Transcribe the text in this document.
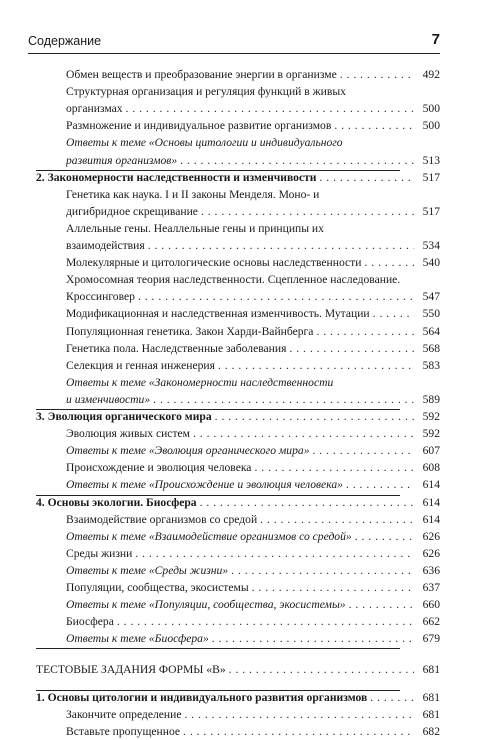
Содержание	7
Обмен веществ и преобразование энергии в организме . . .	492
Структурная организация и регуляция функций в живых
организмах . . .	500
Размножение и индивидуальное развитие организмов . . .	500
Ответы к теме «Основы цитологии и индивидуального
развития организмов» . . .	513
2. Закономерности наследственности и изменчивости . . .	517
Генетика как наука. I и II законы Менделя. Моно- и
дигибридное скрещивание . . .	517
Аллельные гены. Неаллельные гены и принципы их
взаимодействия . . .	534
Молекулярные и цитологические основы наследственности . . .	540
Хромосомная теория наследственности. Сцепленное наследование.
Кроссинговер . . .	547
Модификационная и наследственная изменчивость. Мутации . . .	550
Популяционная генетика. Закон Харди-Вайнберга . . .	564
Генетика пола. Наследственные заболевания . . .	568
Селекция и генная инженерия . . .	583
Ответы к теме «Закономерности наследственности
и изменчивости» . . .	589
3. Эволюция органического мира . . .	592
Эволюция живых систем . . .	592
Ответы к теме «Эволюция органического мира» . . .	607
Происхождение и эволюция человека . . .	608
Ответы к теме «Происхождение и эволюция человека» . . .	614
4. Основы экологии. Биосфера . . .	614
Взаимодействие организмов со средой . . .	614
Ответы к теме «Взаимодействие организмов со средой» . . .	626
Среды жизни . . .	626
Ответы к теме «Среды жизни» . . .	636
Популяции, сообщества, экосистемы . . .	637
Ответы к теме «Популяции, сообщества, экосистемы» . . .	660
Биосфера . . .	662
Ответы к теме «Биосфера» . . .	679
ТЕСТОВЫЕ ЗАДАНИЯ ФОРМЫ «В» . . .	681
1. Основы цитологии и индивидуального развития организмов . . .	681
Закончите определение . . .	681
Вставьте пропущенное . . .	682
